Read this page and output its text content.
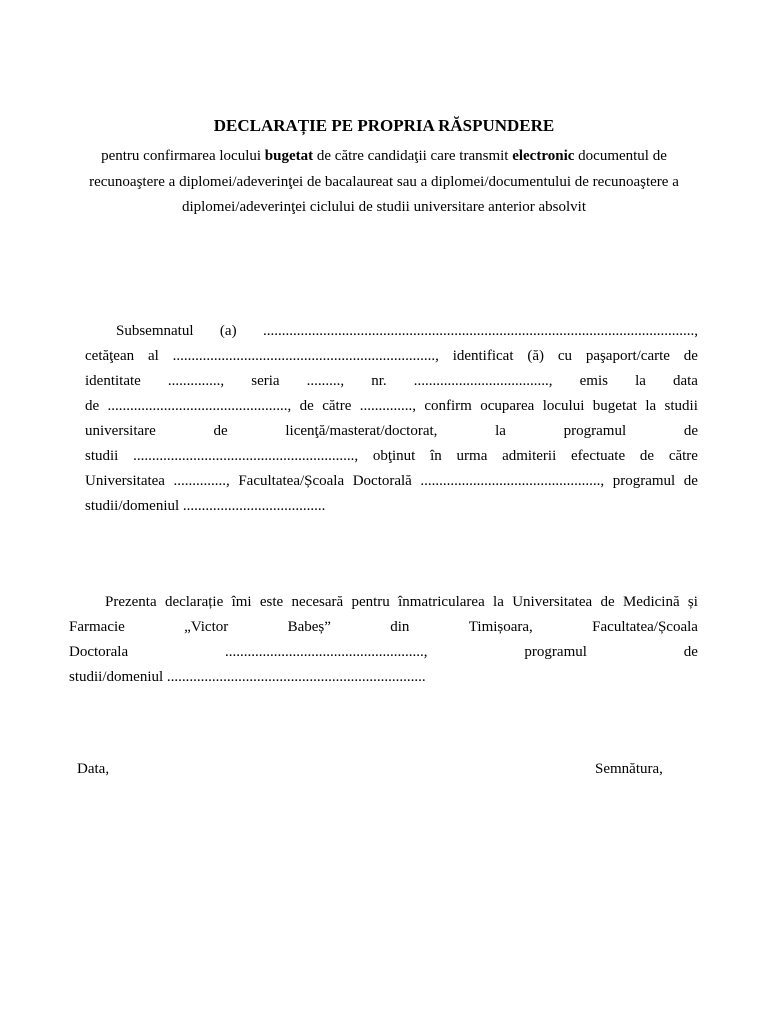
DECLARAȚIE PE PROPRIA RĂSPUNDERE
pentru confirmarea locului bugetat de către candidaţii care transmit electronic documentul de
recunoaştere a diplomei/adeverinţei de bacalaureat sau a diplomei/documentului de recunoaştere a
diplomei/adeverinţei ciclului de studii universitare anterior absolvit
Subsemnatul (a) ...................................................................................................................,
cetăţean al ......................................................................, identificat (ă) cu paşaport/carte de
identitate .............., seria ........., nr. ...................................., emis la data
de ................................................, de către .............., confirm ocuparea locului bugetat la studii
universitare	de	licenţă/masterat/doctorat,	la	programul	de
studii ..........................................................., obţinut în urma admiterii efectuate de către
Universitatea .............., Facultatea/Școala Doctorală ................................................, programul de
studii/domeniul ......................................
Prezenta declarație îmi este necesară pentru înmatricularea la Universitatea de Medicină și
Farmacie	„Victor	Babeș”	din	Timișoara,	Facultatea/Școala
Doctorala	.....................................................,	programul	de
studii/domeniul .....................................................................
Data,	Semnătura,
